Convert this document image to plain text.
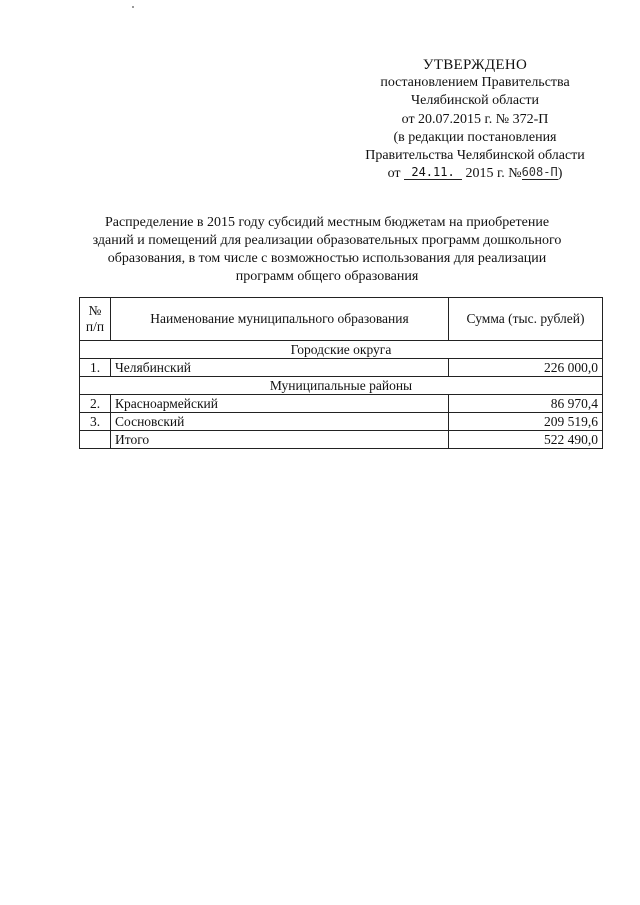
УТВЕРЖДЕНО
постановлением Правительства
Челябинской области
от 20.07.2015 г. № 372-П
(в редакции постановления
Правительства Челябинской области
от 24.11. 2015 г. №608-П)
Распределение в 2015 году субсидий местным бюджетам на приобретение
зданий и помещений для реализации образовательных программ дошкольного
образования, в том числе с возможностью использования для реализации
программ общего образования
№
п/п	Наименование муниципального образования	Сумма (тыс. рублей)
Городские округа		
1.	Челябинский	226 000,0
Муниципальные районы		
2.	Красноармейский	86 970,4
3.	Сосновский	209 519,6
	Итого	522 490,0
